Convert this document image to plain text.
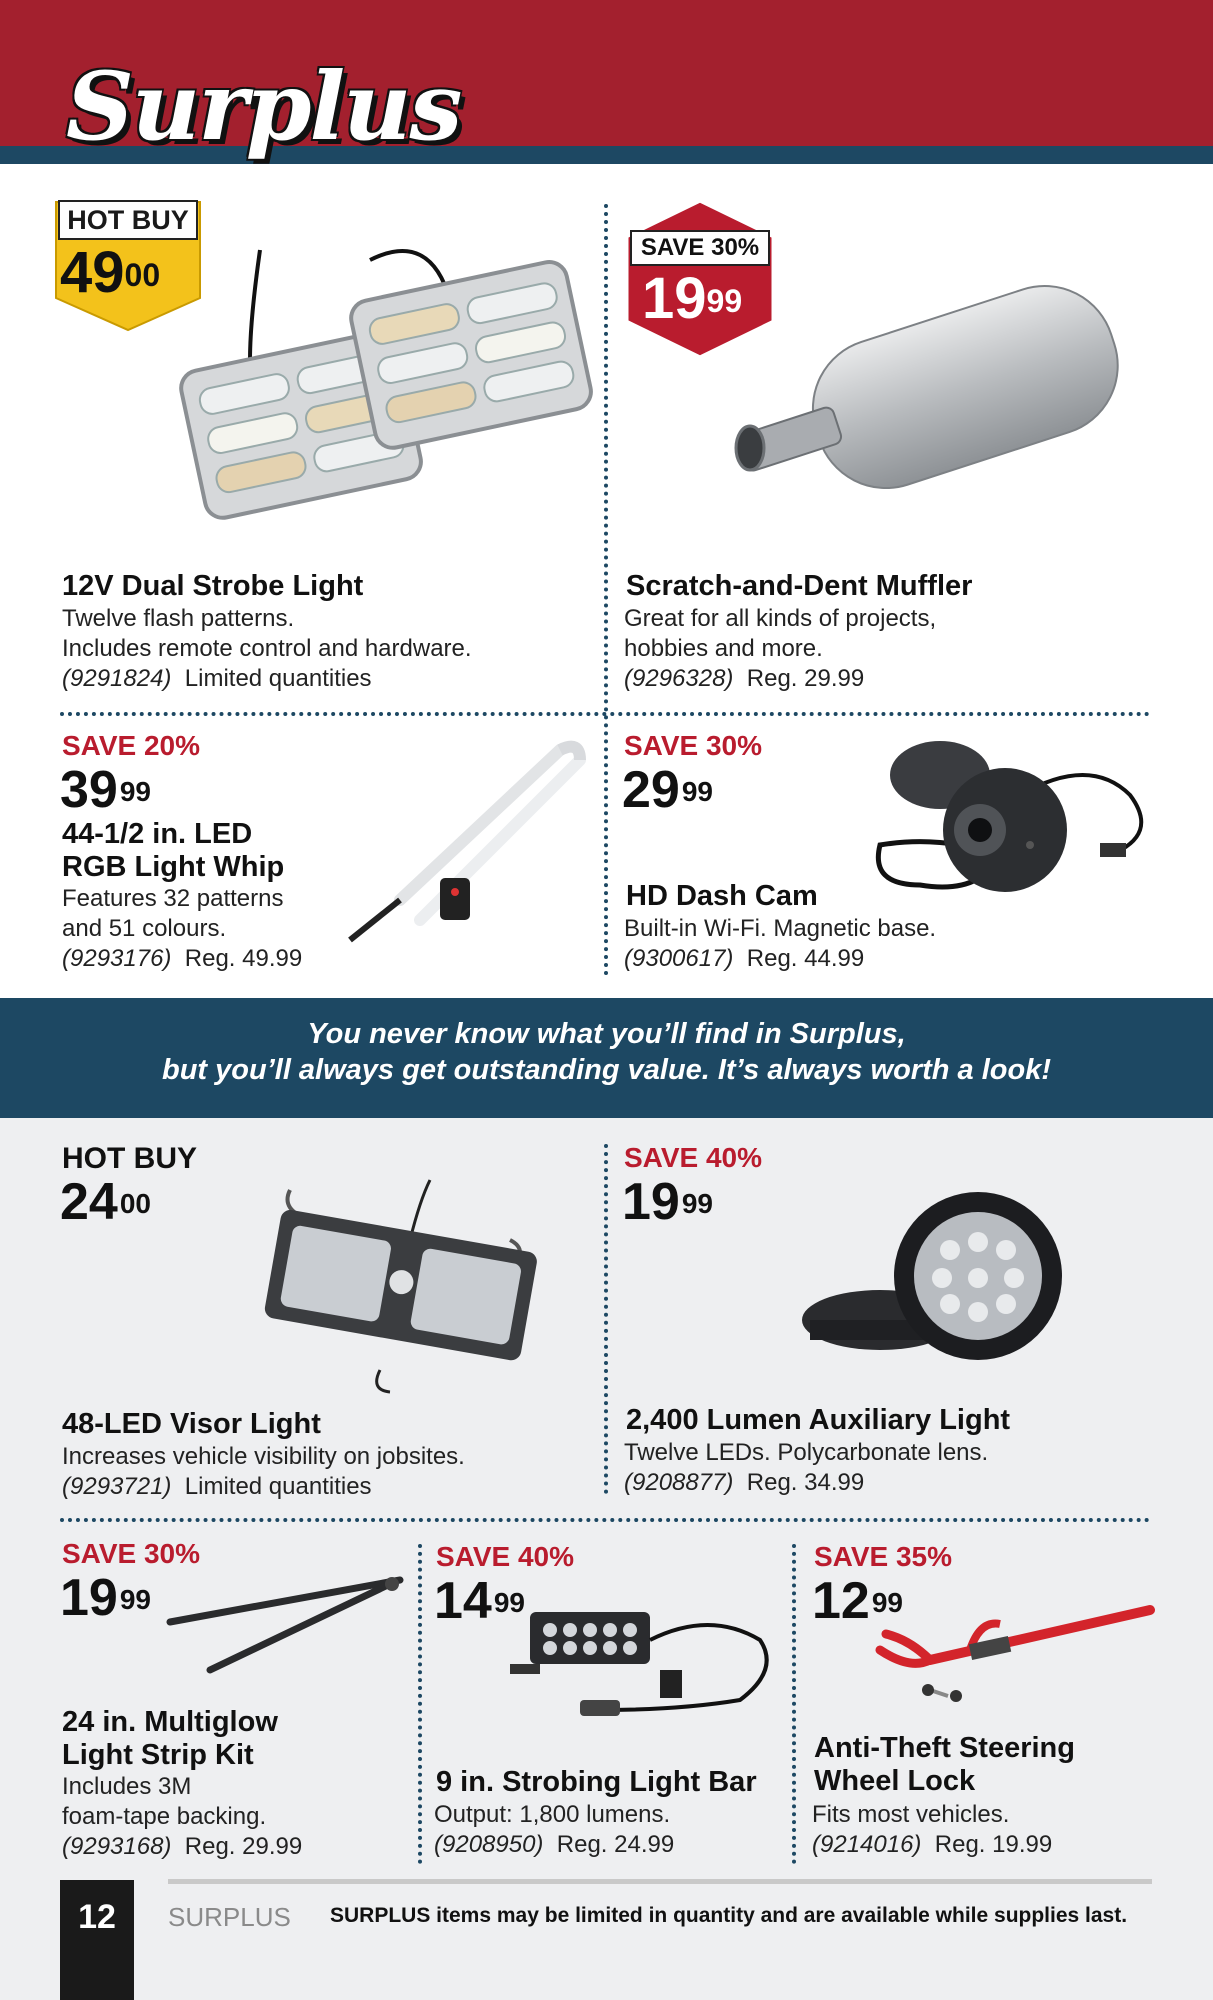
Surplus
HOT BUY
$49^{00}$
12V Dual Strobe Light
Twelve flash patterns.
Includes remote control and hardware.
(9291824) Limited quantities
SAVE 30%
$19^{99}$
Scratch-and-Dent Muffler
Great for all kinds of projects,
hobbies and more.
(9296328) Reg. 29.99
SAVE 20%
$39^{99}$
44-1/2 in. LED
RGB Light Whip
Features 32 patterns
and 51 colours.
(9293176) Reg. 49.99
SAVE 30%
$29^{99}$
HD Dash Cam
Built-in Wi-Fi. Magnetic base.
(9300617) Reg. 44.99
You never know what you’ll find in Surplus,
but you’ll always get outstanding value. It’s always worth a look!
HOT BUY
$24^{00}$
48-LED Visor Light
Increases vehicle visibility on jobsites.
(9293721) Limited quantities
SAVE 40%
$19^{99}$
2,400 Lumen Auxiliary Light
Twelve LEDs. Polycarbonate lens.
(9208877) Reg. 34.99
SAVE 30%
$19^{99}$
24 in. Multiglow
Light Strip Kit
Includes 3M
foam-tape backing.
(9293168) Reg. 29.99
SAVE 40%
$14^{99}$
9 in. Strobing Light Bar
Output: 1,800 lumens.
(9208950) Reg. 24.99
SAVE 35%
$12^{99}$
Anti-Theft Steering
Wheel Lock
Fits most vehicles.
(9214016) Reg. 19.99
12	SURPLUS SURPLUS items may be limited in quantity and are available while supplies last.
